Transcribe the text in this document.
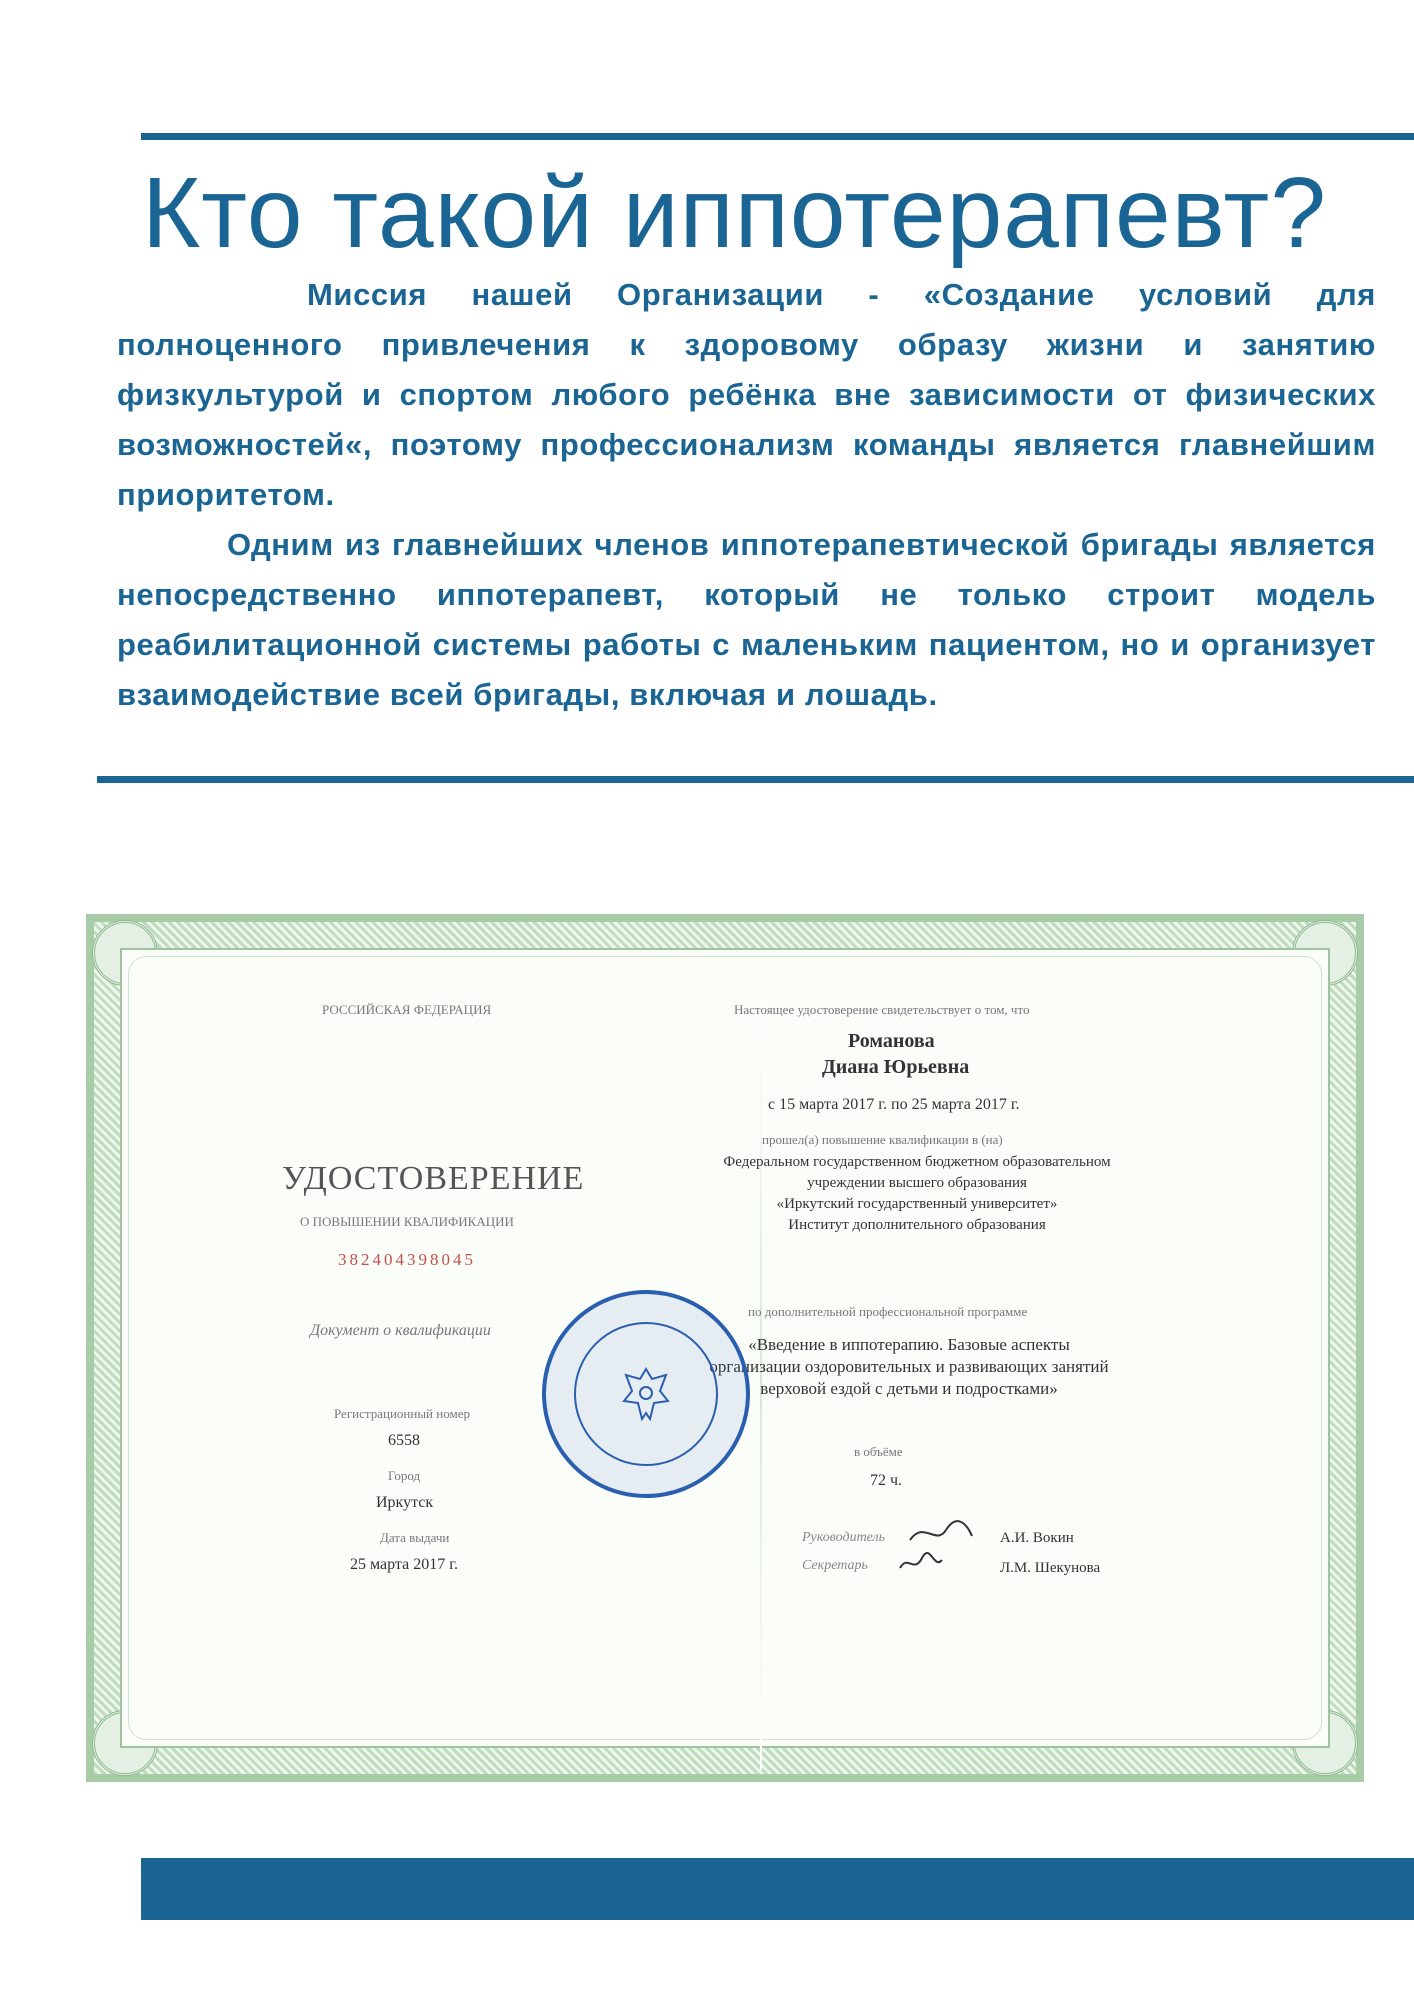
Кто такой иппотерапевт?

Миссия нашей Организации - «Создание условий для полноценного привлечения к здоровому образу жизни и занятию физкультурой и спортом любого ребёнка вне зависимости от физических возможностей«, поэтому профессионализм команды является главнейшим приоритетом.

Одним из главнейших членов иппотерапевтической бригады является непосредственно иппотерапевт, который не только строит модель реабилитационной системы работы с маленьким пациентом, но и организует взаимодействие всей бригады, включая и лошадь.

РОССИЙСКАЯ ФЕДЕРАЦИЯ
УДОСТОВЕРЕНИЕ
О ПОВЫШЕНИИ КВАЛИФИКАЦИИ
382404398045
Документ о квалификации
Регистрационный номер
6558
Город
Иркутск
Дата выдачи
25 марта 2017 г.
Настоящее удостоверение свидетельствует о том, что
Романова
Диана Юрьевна
с 15 марта 2017 г. по 25 марта 2017 г.
прошел(а) повышение квалификации в (на)
Федеральном государственном бюджетном образовательном
учреждении высшего образования
«Иркутский государственный университет»
Институт дополнительного образования
по дополнительной профессиональной программе
«Введение в иппотерапию. Базовые аспекты
организации оздоровительных и развивающих занятий
верховой ездой с детьми и подростками»
в объёме
72 ч.
Руководитель	А.И. Вокин
Секретарь	Л.М. Шекунова
